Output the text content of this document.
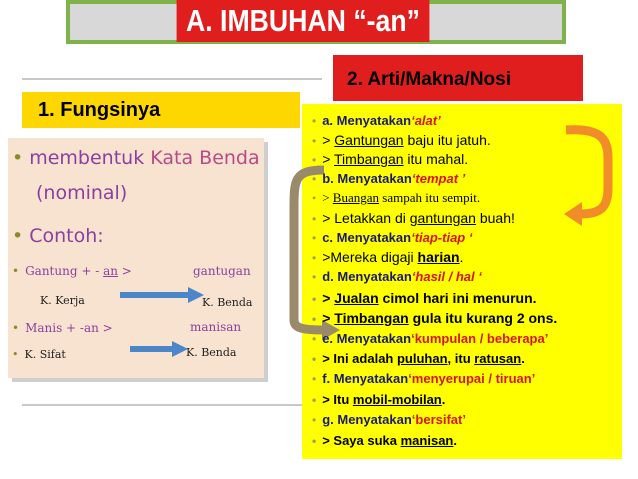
A. IMBUHAN “-an”
2. Arti/Makna/Nosi
1. Fungsinya
• membentuk Kata Benda
(nominal)
• Contoh:
• Gantung + - an >	gantugan
K. Kerja	K. Benda
• Manis + -an >	manisan
• K. Sifat	K. Benda
• a. Menyatakan‘alat’
• > Gantungan baju itu jatuh.
• > Timbangan itu mahal.
• b. Menyatakan‘tempat ’
• > Buangan sampah itu sempit.
• > Letakkan di gantungan buah!
• c. Menyatakan‘tiap-tiap ‘
• >Mereka digaji harian.
• d. Menyatakan‘hasil / hal ‘
• > Jualan cimol hari ini menurun.
• > Timbangan gula itu kurang 2 ons.
• e. Menyatakan‘kumpulan / beberapa’
• > Ini adalah puluhan, itu ratusan.
• f. Menyatakan‘menyerupai / tiruan’
• > Itu mobil-mobilan.
• g. Menyatakan‘bersifat’
• > Saya suka manisan.
